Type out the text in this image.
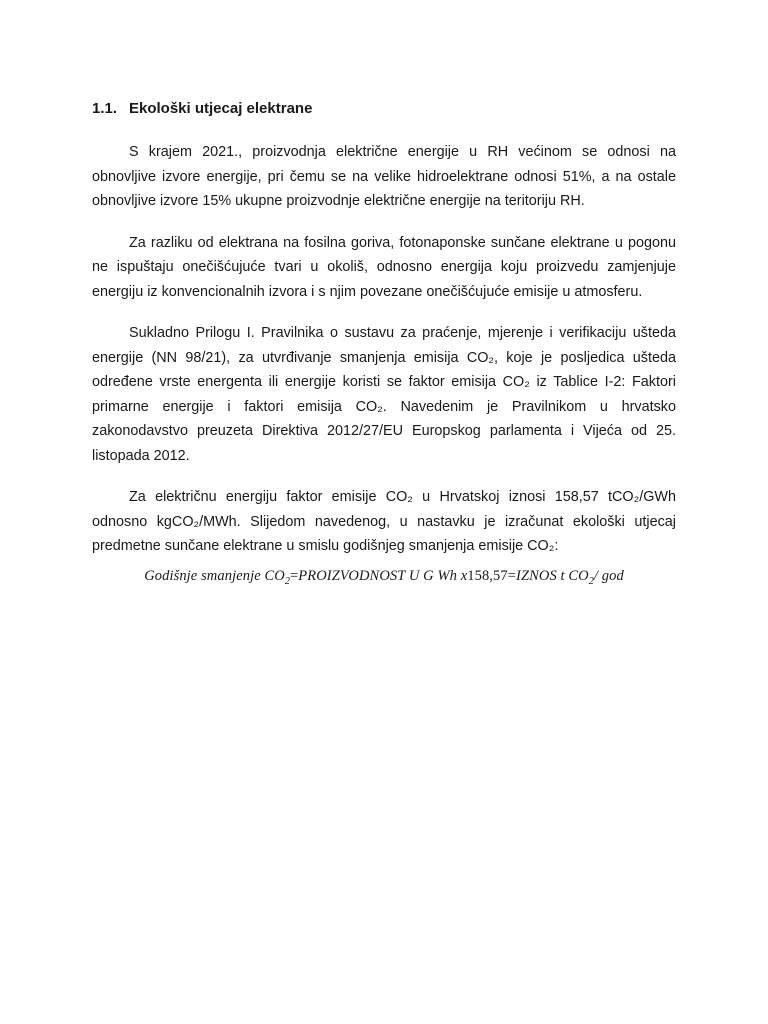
1.1. Ekološki utjecaj elektrane

S krajem 2021., proizvodnja električne energije u RH većinom se odnosi na obnovljive izvore energije, pri čemu se na velike hidroelektrane odnosi 51%, a na ostale obnovljive izvore 15% ukupne proizvodnje električne energije na teritoriju RH.

Za razliku od elektrana na fosilna goriva, fotonaponske sunčane elektrane u pogonu ne ispuštaju onečišćujuće tvari u okoliš, odnosno energija koju proizvedu zamjenjuje energiju iz konvencionalnih izvora i s njim povezane onečišćujuće emisije u atmosferu.

Sukladno Prilogu I. Pravilnika o sustavu za praćenje, mjerenje i verifikaciju ušteda energije (NN 98/21), za utvrđivanje smanjenja emisija CO₂, koje je posljedica ušteda određene vrste energenta ili energije koristi se faktor emisija CO₂ iz Tablice I-2: Faktori primarne energije i faktori emisija CO₂. Navedenim je Pravilnikom u hrvatsko zakonodavstvo preuzeta Direktiva 2012/27/EU Europskog parlamenta i Vijeća od 25. listopada 2012.

Za električnu energiju faktor emisije CO₂ u Hrvatskoj iznosi 158,57 tCO₂/GWh odnosno kgCO₂/MWh. Slijedom navedenog, u nastavku je izračunat ekološki utjecaj predmetne sunčane elektrane u smislu godišnjeg smanjenja emisije CO₂:

Godišnje smanjenje $CO_2=PROIZVODNOST$ U G Wh x158,57=IZNOS t $CO_2/$ god
